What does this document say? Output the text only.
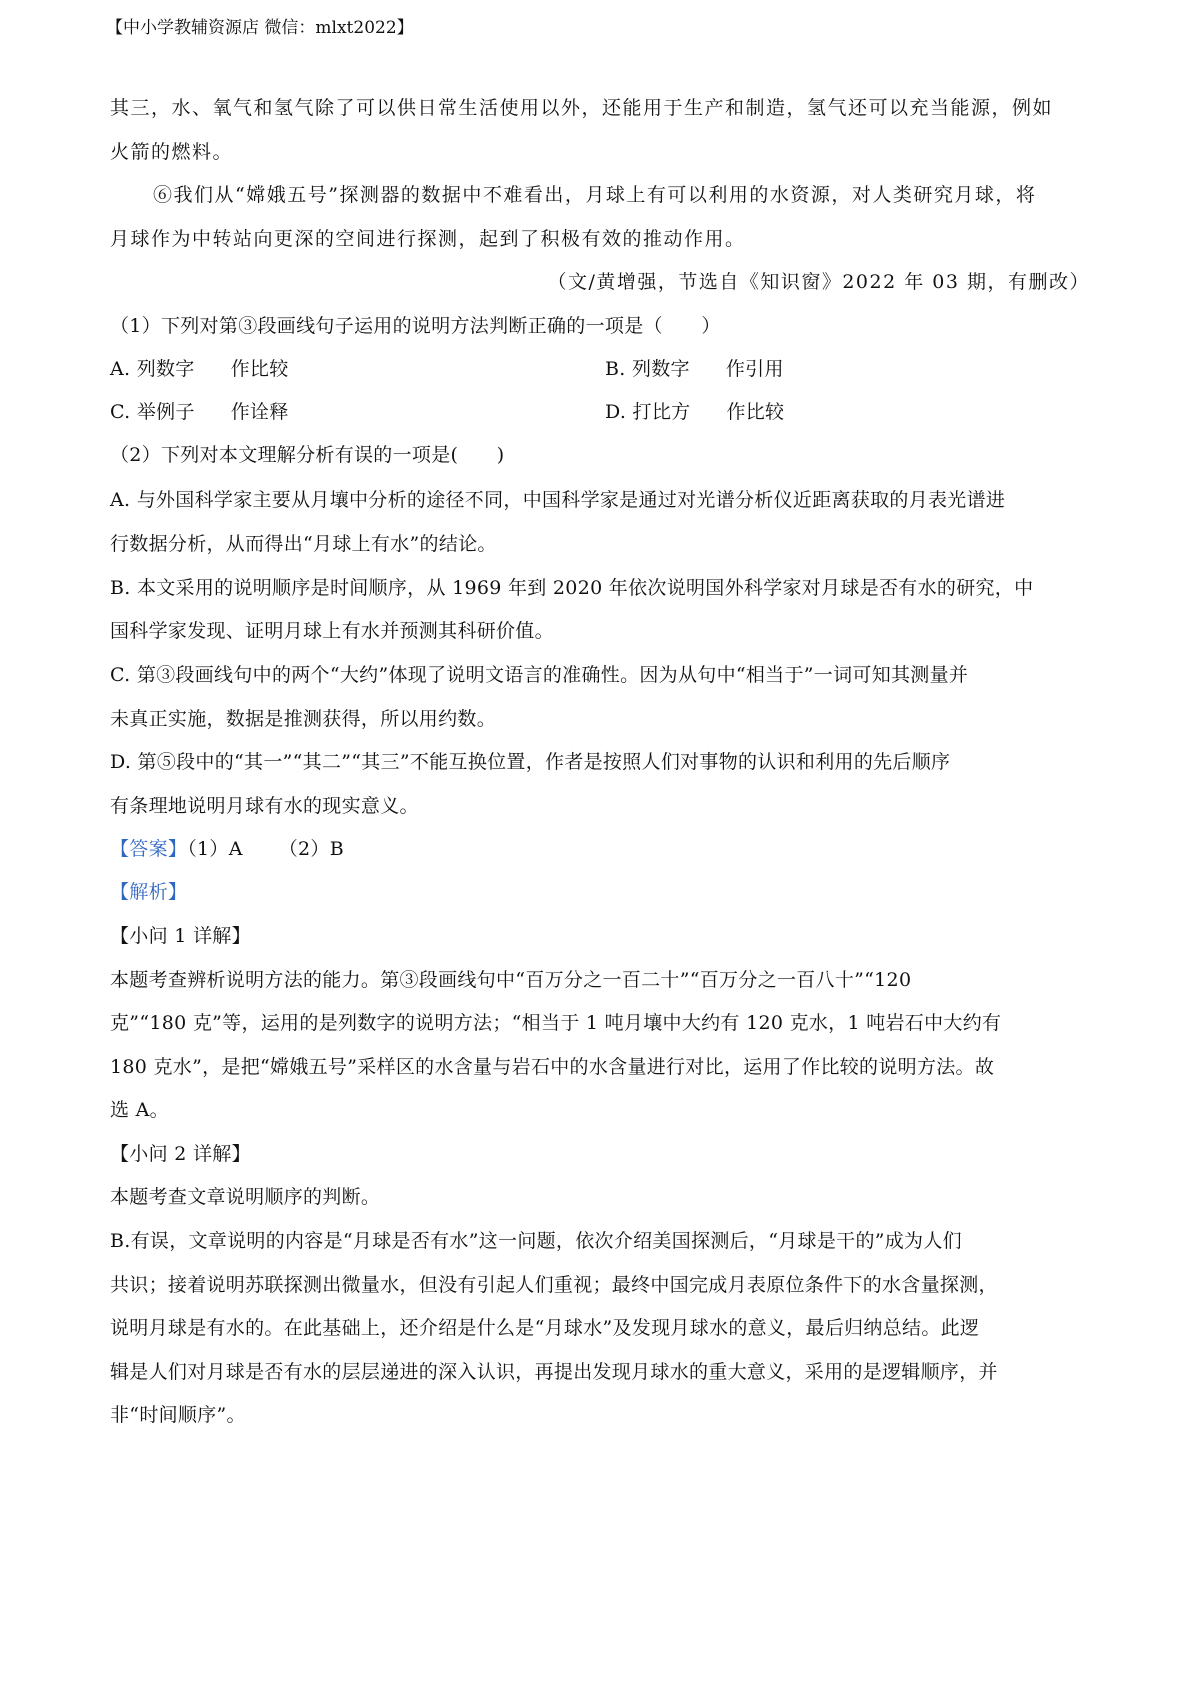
【中小学教辅资源店 微信：mlxt2022】
其三，水、氧气和氢气除了可以供日常生活使用以外，还能用于生产和制造，氢气还可以充当能源，例如
火箭的燃料。
⑥我们从“嫦娥五号”探测器的数据中不难看出，月球上有可以利用的水资源，对人类研究月球，将
月球作为中转站向更深的空间进行探测，起到了积极有效的推动作用。
（文/黄增强，节选自《知识窗》2022 年 03 期，有删改）
（1）下列对第③段画线句子运用的说明方法判断正确的一项是（　　）
A. 列数字 作比较	B. 列数字 作引用
C. 举例子 作诠释	D. 打比方 作比较
（2）下列对本文理解分析有误的一项是(　　)
A. 与外国科学家主要从月壤中分析的途径不同，中国科学家是通过对光谱分析仪近距离获取的月表光谱进
行数据分析，从而得出“月球上有水”的结论。
B. 本文采用的说明顺序是时间顺序，从 1969 年到 2020 年依次说明国外科学家对月球是否有水的研究，中
国科学家发现、证明月球上有水并预测其科研价值。
C. 第③段画线句中的两个“大约”体现了说明文语言的准确性。因为从句中“相当于”一词可知其测量并
未真正实施，数据是推测获得，所以用约数。
D. 第⑤段中的“其一”“其二”“其三”不能互换位置，作者是按照人们对事物的认识和利用的先后顺序
有条理地说明月球有水的现实意义。
【答案】（1）A （2）B
【解析】
【小问 1 详解】
本题考查辨析说明方法的能力。第③段画线句中“百万分之一百二十”“百万分之一百八十”“120
克”“180 克”等，运用的是列数字的说明方法；“相当于 1 吨月壤中大约有 120 克水，1 吨岩石中大约有
180 克水”，是把“嫦娥五号”采样区的水含量与岩石中的水含量进行对比，运用了作比较的说明方法。故
选 A。
【小问 2 详解】
本题考查文章说明顺序的判断。
B.有误，文章说明的内容是“月球是否有水”这一问题，依次介绍美国探测后，“月球是干的”成为人们
共识；接着说明苏联探测出微量水，但没有引起人们重视；最终中国完成月表原位条件下的水含量探测，
说明月球是有水的。在此基础上，还介绍是什么是“月球水”及发现月球水的意义，最后归纳总结。此逻
辑是人们对月球是否有水的层层递进的深入认识，再提出发现月球水的重大意义，采用的是逻辑顺序，并
非“时间顺序”。
